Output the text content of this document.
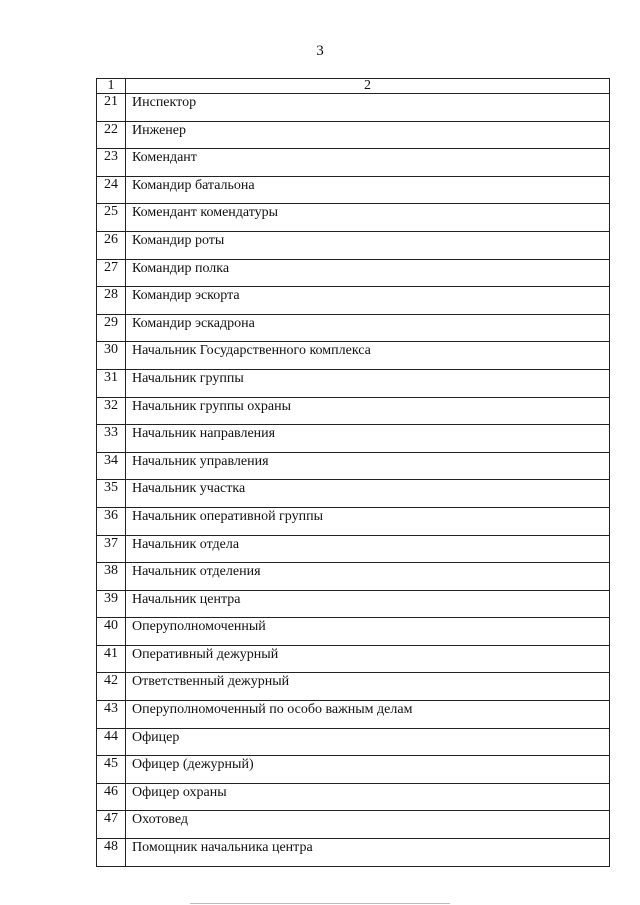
3
1	2
21	Инспектор
22	Инженер
23	Комендант
24	Командир батальона
25	Комендант комендатуры
26	Командир роты
27	Командир полка
28	Командир эскорта
29	Командир эскадрона
30	Начальник Государственного комплекса
31	Начальник группы
32	Начальник группы охраны
33	Начальник направления
34	Начальник управления
35	Начальник участка
36	Начальник оперативной группы
37	Начальник отдела
38	Начальник отделения
39	Начальник центра
40	Оперуполномоченный
41	Оперативный дежурный
42	Ответственный дежурный
43	Оперуполномоченный по особо важным делам
44	Офицер
45	Офицер (дежурный)
46	Офицер охраны
47	Охотовед
48	Помощник начальника центра
